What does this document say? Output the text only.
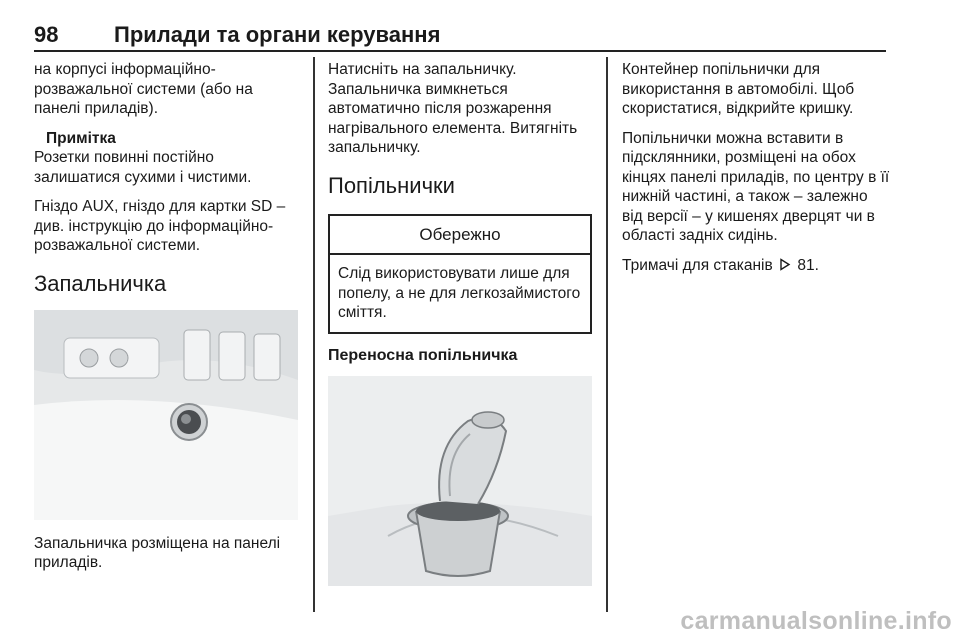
98	Прилади та органи керування

на корпусі інформаційно-розважальної системи (або на панелі приладів).

Примітка

Розетки повинні постійно залишатися сухими і чистими.

Гніздо AUX, гніздо для картки SD – див. інструкцію до інформаційно-розважальної системи.

Запальничка

Запальничка розміщена на панелі приладів.

Натисніть на запальничку. Запальничка вимкнеться автоматично після розжарення нагрівального елемента. Витягніть запальничку.

Попільнички
Обережно
Слід використовувати лише для попелу, а не для легкозаймистого сміття.
Переносна попільничка

Контейнер попільнички для використання в автомобілі. Щоб скористатися, відкрийте кришку.

Попільнички можна вставити в підсклянники, розміщені на обох кінцях панелі приладів, по центру в її нижній частині, а також – залежно від версії – у кишенях дверцят чи в області задніх сидінь.

Тримачі для стаканів 81.

carmanualsonline.info
